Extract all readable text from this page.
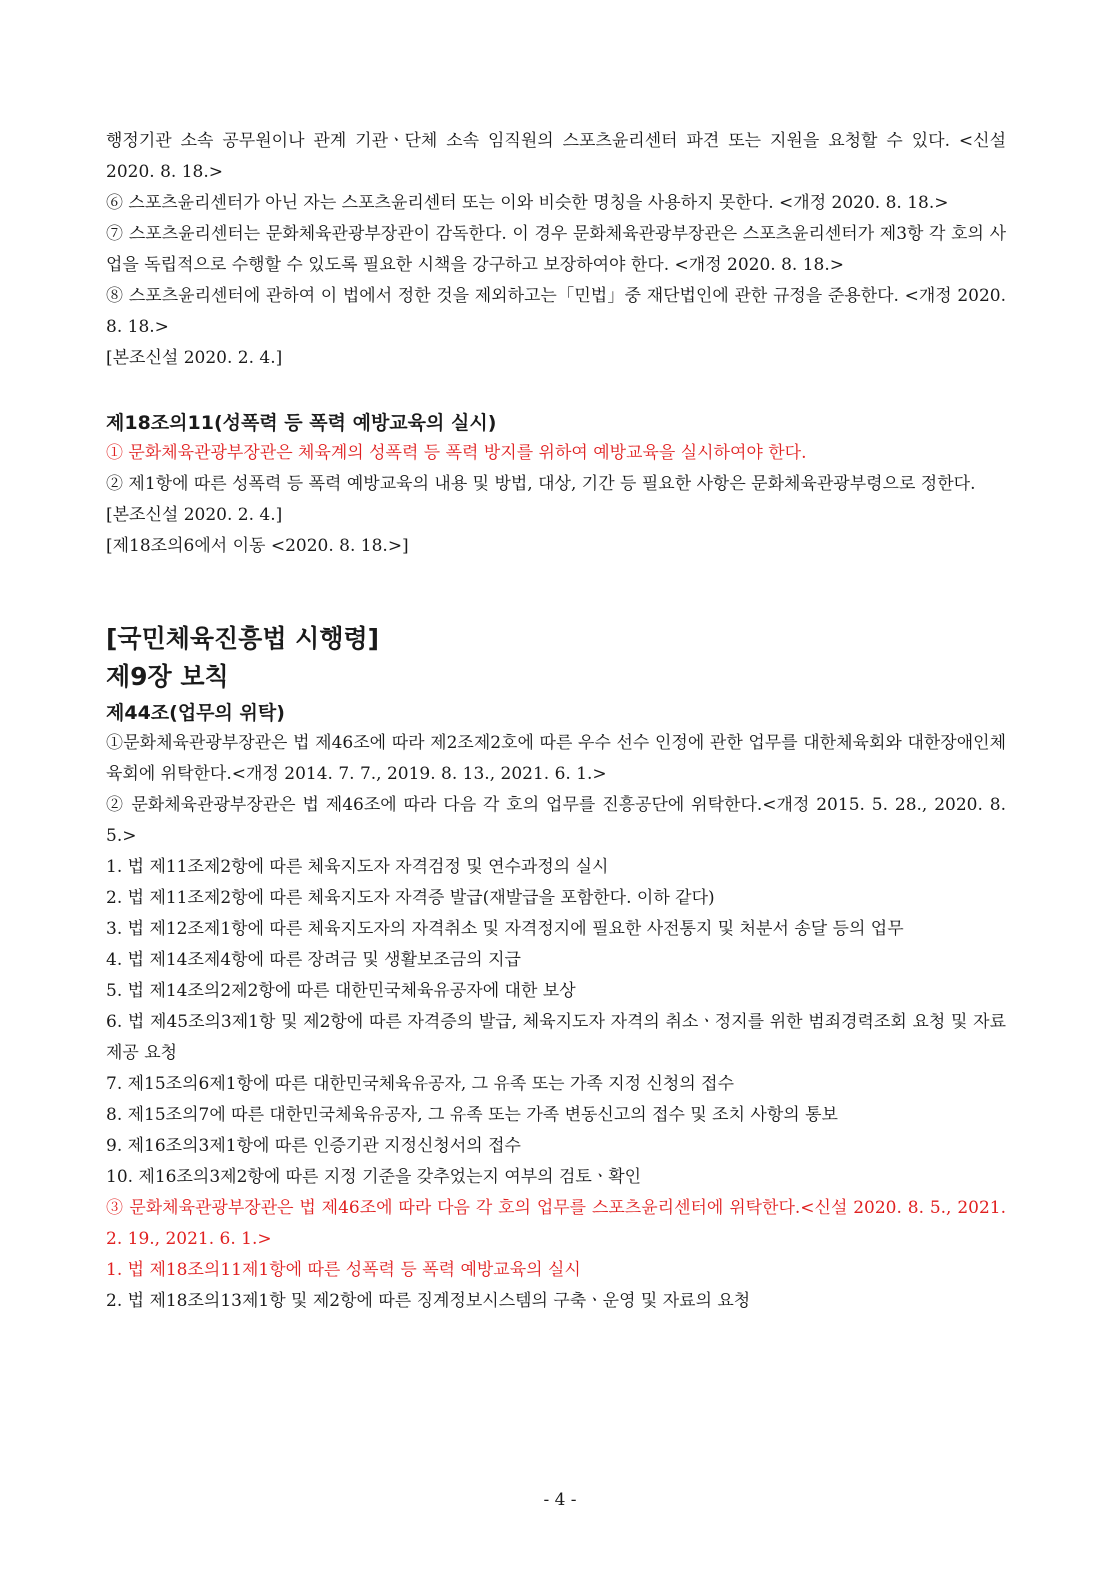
행정기관 소속 공무원이나 관계 기관ㆍ단체 소속 임직원의 스포츠윤리센터 파견 또는 지원을 요청할 수 있다. <신설 2020. 8. 18.>

⑥ 스포츠윤리센터가 아닌 자는 스포츠윤리센터 또는 이와 비슷한 명칭을 사용하지 못한다. <개정 2020. 8. 18.>

⑦ 스포츠윤리센터는 문화체육관광부장관이 감독한다. 이 경우 문화체육관광부장관은 스포츠윤리센터가 제3항 각 호의 사업을 독립적으로 수행할 수 있도록 필요한 시책을 강구하고 보장하여야 한다. <개정 2020. 8. 18.>

⑧ 스포츠윤리센터에 관하여 이 법에서 정한 것을 제외하고는「민법」중 재단법인에 관한 규정을 준용한다. <개정 2020. 8. 18.>

[본조신설 2020. 2. 4.]

제18조의11(성폭력 등 폭력 예방교육의 실시)

① 문화체육관광부장관은 체육계의 성폭력 등 폭력 방지를 위하여 예방교육을 실시하여야 한다.

② 제1항에 따른 성폭력 등 폭력 예방교육의 내용 및 방법, 대상, 기간 등 필요한 사항은 문화체육관광부령으로 정한다.

[본조신설 2020. 2. 4.]

[제18조의6에서 이동 <2020. 8. 18.>]

[국민체육진흥법 시행령]

제9장 보칙

제44조(업무의 위탁)

①문화체육관광부장관은 법 제46조에 따라 제2조제2호에 따른 우수 선수 인정에 관한 업무를 대한체육회와 대한장애인체육회에 위탁한다.<개정 2014. 7. 7., 2019. 8. 13., 2021. 6. 1.>

② 문화체육관광부장관은 법 제46조에 따라 다음 각 호의 업무를 진흥공단에 위탁한다.<개정 2015. 5. 28., 2020. 8. 5.>

1. 법 제11조제2항에 따른 체육지도자 자격검정 및 연수과정의 실시

2. 법 제11조제2항에 따른 체육지도자 자격증 발급(재발급을 포함한다. 이하 같다)

3. 법 제12조제1항에 따른 체육지도자의 자격취소 및 자격정지에 필요한 사전통지 및 처분서 송달 등의 업무

4. 법 제14조제4항에 따른 장려금 및 생활보조금의 지급

5. 법 제14조의2제2항에 따른 대한민국체육유공자에 대한 보상

6. 법 제45조의3제1항 및 제2항에 따른 자격증의 발급, 체육지도자 자격의 취소ㆍ정지를 위한 범죄경력조회 요청 및 자료 제공 요청

7. 제15조의6제1항에 따른 대한민국체육유공자, 그 유족 또는 가족 지정 신청의 접수

8. 제15조의7에 따른 대한민국체육유공자, 그 유족 또는 가족 변동신고의 접수 및 조치 사항의 통보

9. 제16조의3제1항에 따른 인증기관 지정신청서의 접수

10. 제16조의3제2항에 따른 지정 기준을 갖추었는지 여부의 검토ㆍ확인

③ 문화체육관광부장관은 법 제46조에 따라 다음 각 호의 업무를 스포츠윤리센터에 위탁한다.<신설 2020. 8. 5., 2021. 2. 19., 2021. 6. 1.>

1. 법 제18조의11제1항에 따른 성폭력 등 폭력 예방교육의 실시

2. 법 제18조의13제1항 및 제2항에 따른 징계정보시스템의 구축ㆍ운영 및 자료의 요청

- 4 -
